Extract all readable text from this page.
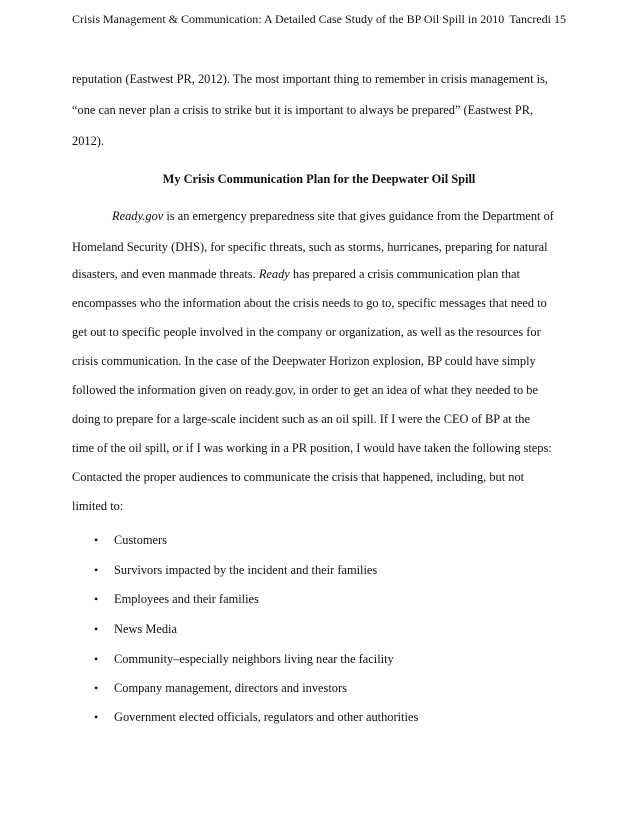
Crisis Management & Communication: A Detailed Case Study of the BP Oil Spill in 2010 Tancredi 15
reputation (Eastwest PR, 2012). The most important thing to remember in crisis management is,
“one can never plan a crisis to strike but it is important to always be prepared” (Eastwest PR,
2012).
My Crisis Communication Plan for the Deepwater Oil Spill
Ready.gov is an emergency preparedness site that gives guidance from the Department of
Homeland Security (DHS), for specific threats, such as storms, hurricanes, preparing for natural
disasters, and even manmade threats. Ready has prepared a crisis communication plan that
encompasses who the information about the crisis needs to go to, specific messages that need to
get out to specific people involved in the company or organization, as well as the resources for
crisis communication. In the case of the Deepwater Horizon explosion, BP could have simply
followed the information given on ready.gov, in order to get an idea of what they needed to be
doing to prepare for a large-scale incident such as an oil spill. If I were the CEO of BP at the
time of the oil spill, or if I was working in a PR position, I would have taken the following steps:
Contacted the proper audiences to communicate the crisis that happened, including, but not
limited to:
• Customers
• Survivors impacted by the incident and their families
• Employees and their families
• News Media
• Community–especially neighbors living near the facility
• Company management, directors and investors
• Government elected officials, regulators and other authorities
